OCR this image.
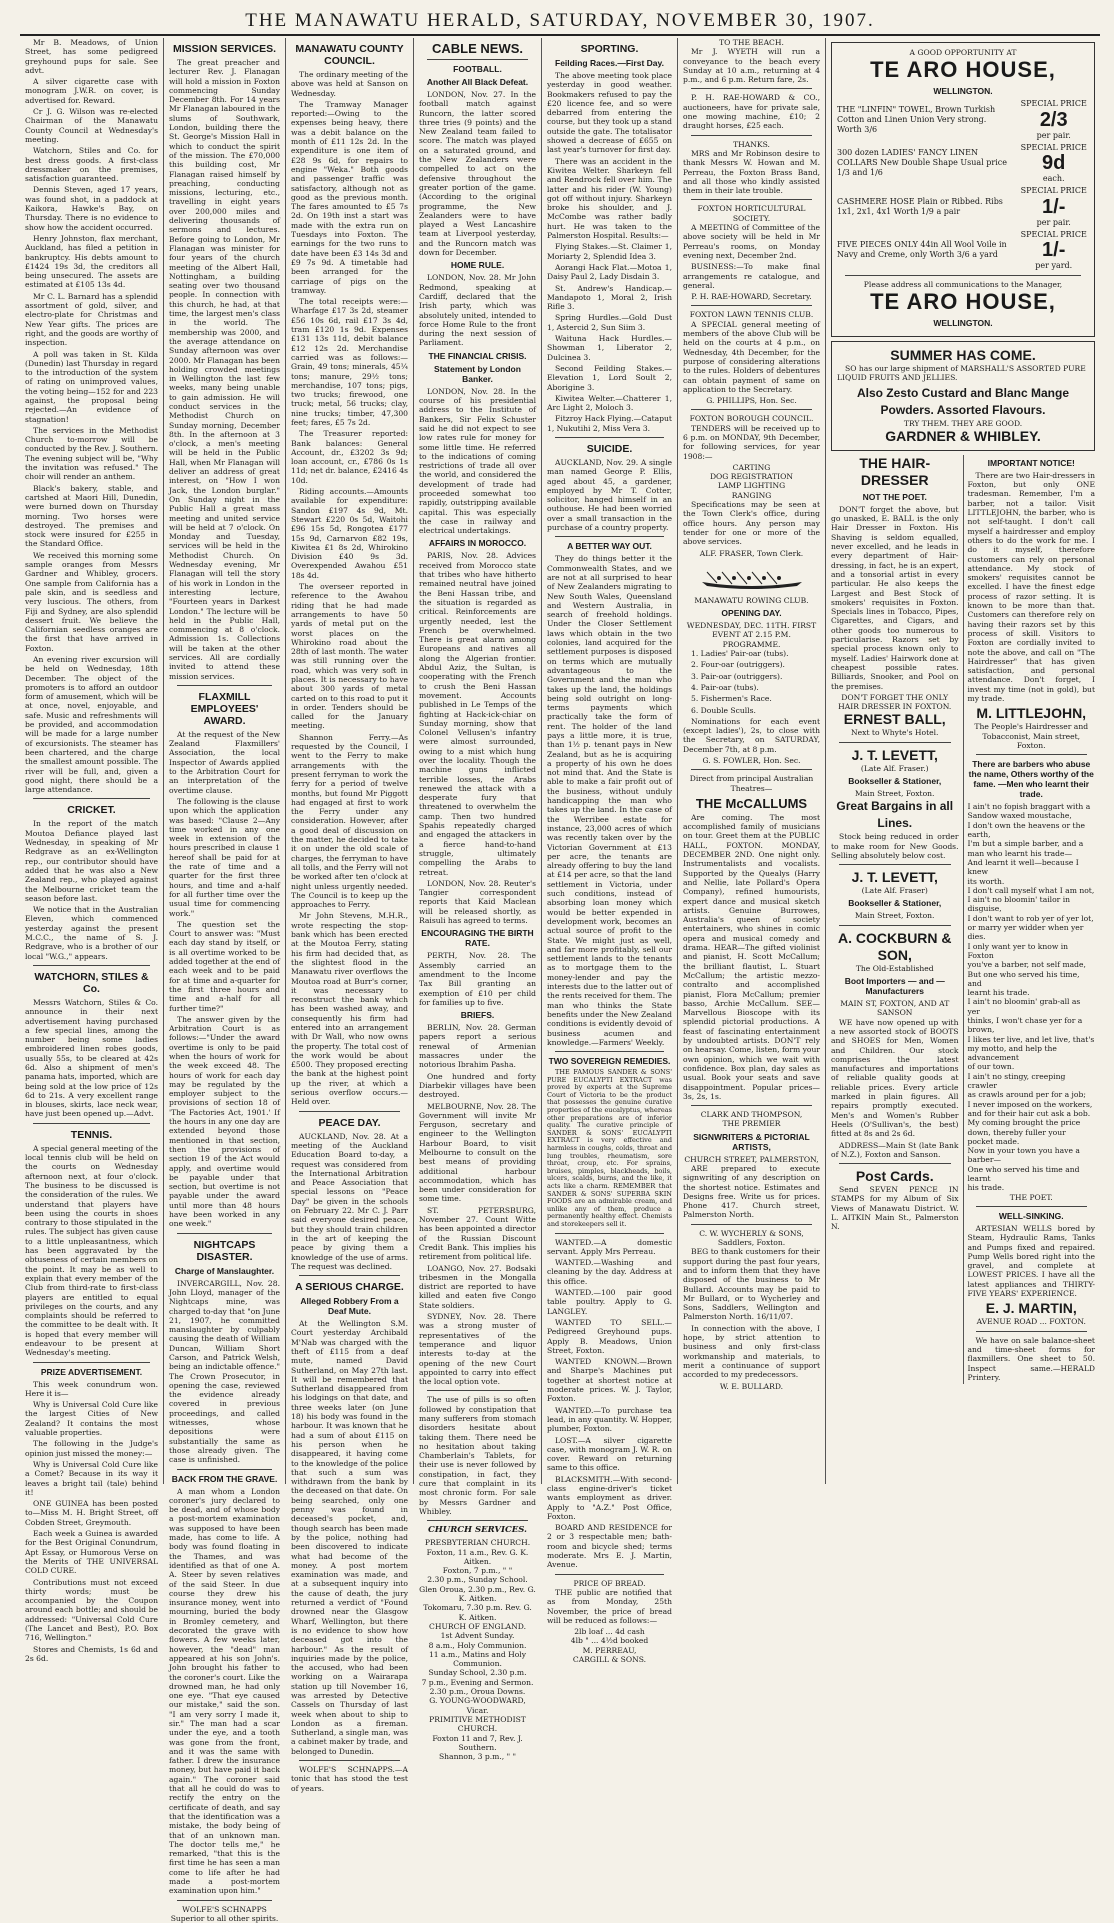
THE MANAWATU HERALD, SATURDAY, NOVEMBER 30, 1907.

Mr B. Meadows, of Union Street, has some pedigreed greyhound pups for sale. See advt.

A silver cigarette case with monogram J.W.R. on cover, is advertised for. Reward.

Cr J. G. Wilson was re-elected Chairman of the Manawatu County Council at Wednesday's meeting.

Watchorn, Stiles and Co. for best dress goods. A first-class dressmaker on the premises, satisfaction guaranteed.

Dennis Steven, aged 17 years, was found shot, in a paddock at Kaikora, Hawke's Bay, on Thursday. There is no evidence to show how the accident occurred.

Henry Johnston, flax merchant, Auckland, has filed a petition in bankruptcy. His debts amount to £1424 19s 3d, the creditors all being unsecured. The assets are estimated at £105 13s 4d.

Mr C. L. Barnard has a splendid assortment of gold, silver, and electro-plate for Christmas and New Year gifts. The prices are right, and the goods are worthy of inspection.

A poll was taken in St. Kilda (Dunedin) last Thursday in regard to the introduction of the system of rating on unimproved values, the voting being—152 for and 223 against, the proposal being rejected.—An evidence of stagnation!

The services in the Methodist Church to-morrow will be conducted by the Rev. J. Southern. The evening subject will be, "Why the invitation was refused." The choir will render an anthem.

Black's bakery, stable, and cartshed at Maori Hill, Dunedin, were burned down on Thursday morning. Two horses were destroyed. The premises and stock were insured for £255 in the Standard Office.

We received this morning some sample oranges from Messrs Gardner and Whibley, grocers. One sample from California has a pale skin, and is seedless and very luscious. The others, from Fiji and Sydney, are also splendid dessert fruit. We believe the Californian seedless oranges are the first that have arrived in Foxton.

An evening river excursion will be held on Wednesday, 18th December. The object of the promoters is to afford an outdoor form of amusement, which will be at once, novel, enjoyable, and safe. Music and refreshments will be provided, and accommodation will be made for a large number of excursionists. The steamer has been chartered, and the charge the smallest amount possible. The river will be full, and, given a good night, there should be a large attendance.

CRICKET.

In the report of the match Moutoa Defiance played last Wednesday, in speaking of Mr Redgrave as an ex-Wellington rep., our contributor should have added that he was also a New Zealand rep., who played against the Melbourne cricket team the season before last.

We notice that in the Australian Eleven, which commenced yesterday against the present M.C.C., the name of S. J. Redgrave, who is a brother of our local "W.G.," appears.

WATCHORN, STILES & Co.

Messrs Watchorn, Stiles & Co. announce in their next advertisement having purchased a few special lines, among the number being some ladies embroidered linen robes goods, usually 55s, to be cleared at 42s 6d. Also a shipment of men's panama hats, imported, which are being sold at the low price of 12s 6d to 21s. A very excellent range in blouses, skirts, lace neck wear, have just been opened up.—Advt.

TENNIS.

A special general meeting of the local tennis club will be held on the courts on Wednesday afternoon next, at four o'clock. The business to be discussed is the consideration of the rules. We understand that players have been using the courts in shoes contrary to those stipulated in the rules. The subject has given cause to a little unpleasantness, which has been aggravated by the obtuseness of certain members on the point. It may be as well to explain that every member of the Club from third-rate to first-class players are entitled to equal privileges on the courts, and any complaints should be referred to the committee to be dealt with. It is hoped that every member will endeavour to be present at Wednesday's meeting.

PRIZE ADVERTISEMENT.

This week conundrum won. Here it is—

Why is Universal Cold Cure like the largest Cities of New Zealand? It contains the most valuable properties.

The following in the Judge's opinion just missed the money:—

Why is Universal Cold Cure like a Comet? Because in its way it leaves a bright tail (tale) behind it!

ONE GUINEA has been posted to—Miss M. H. Bright Street, off Cobden Street, Greymouth.

Each week a Guinea is awarded for the Best Original Conundrum, Apt Essay, or Humorous Verse on the Merits of THE UNIVERSAL COLD CURE.

Contributions must not exceed thirty words; must be accompanied by the Coupon around each bottle; and should be addressed: "Universal Cold Cure (The Lancet and Best), P.O. Box 716, Wellington."

Stores and Chemists, 1s 6d and 2s 6d.

MISSION SERVICES.

The great preacher and lecturer Rev. J. Flanagan will hold a mission in Foxton commencing Sunday December 8th. For 14 years Mr Flanagan laboured in the slums of Southwark, London, building there the St. George's Mission Hall in which to conduct the spirit of the mission. The £70,000 this building cost, Mr Flanagan raised himself by preaching, conducting missions, lecturing, etc., travelling in eight years over 200,000 miles and delivering thousands of sermons and lectures. Before going to London, Mr Flanagan was minister for four years of the church meeting of the Albert Hall, Nottingham, a building seating over two thousand people. In connection with this church, he had, at that time, the largest men's class in the world. The membership was 2000, and the average attendance on Sunday afternoon was over 2000. Mr Flanagan has been holding crowded meetings in Wellington the last few weeks, many being unable to gain admission. He will conduct services in the Methodist Church on Sunday morning, December 8th. In the afternoon at 3 o'clock, a men's meeting will be held in the Public Hall, when Mr Flanagan will deliver an address of great interest, on "How I won Jack, the London burglar." On Sunday night in the Public Hall a great mass meeting and united service will be held at 7 o'clock. On Monday and Tuesday, services will be held in the Methodist Church. On Wednesday evening, Mr Flanagan will tell the story of his work in London in the interesting lecture, "Fourteen years in Darkest London." The lecture will be held in the Public Hall, commencing at 8 o'clock. Admission 1s. Collections will be taken at the other services. All are cordially invited to attend these mission services.

FLAXMILL EMPLOYEES' AWARD.

At the request of the New Zealand Flaxmillers' Association, the local Inspector of Awards applied to the Arbitration Court for an interpretation of the overtime clause.

The following is the clause upon which the application was based: "Clause 2—Any time worked in any one week in extension of the hours prescribed in clause 1 hereof shall be paid for at the rate of time and a quarter for the first three hours, and time and a-half for all further time over the usual time for commencing work."

The question set the Court to answer was: "Must each day stand by itself, or is all overtime worked to be added together at the end of each week and to be paid for at time and a-quarter for the first three hours and time and a-half for all further time?"

The answer given by the Arbitration Court is as follows:—"Under the award overtime is only to be paid when the hours of work for the week exceed 48. The hours of work for each day may be regulated by the employer subject to the provisions of section 18 of 'The Factories Act, 1901.' If the hours in any one day are extended beyond those mentioned in that section, then the provisions of section 19 of the Act would apply, and overtime would be payable under that section, but overtime is not payable under the award until more than 48 hours have been worked in any one week."

NIGHTCAPS DISASTER.
Charge of Manslaughter.

INVERCARGILL, Nov. 28. John Lloyd, manager of the Nightcaps mine, was charged to-day that "on June 21, 1907, he committed manslaughter by culpably causing the death of William Duncan, William Short Carson, and Patrick Welsh, being an indictable offence." The Crown Prosecutor, in opening the case, reviewed the evidence already covered in previous proceedings, and called witnesses, whose depositions were substantially the same as those already given. The case is unfinished.

BACK FROM THE GRAVE.

A man whom a London coroner's jury declared to be dead, and of whose body a post-mortem examination was supposed to have been made, has come to life. A body was found floating in the Thames, and was identified as that of one A. A. Steer by seven relatives of the said Steer. In due course they drew his insurance money, went into mourning, buried the body in Bromley cemetery, and decorated the grave with flowers. A few weeks later, however, the "dead" man appeared at his son John's. John brought his father to the coroner's court. Like the drowned man, he had only one eye. "That eye caused our mistake," said the son. "I am very sorry I made it, sir." The man had a scar under the eye, and a tooth was gone from the front, and it was the same with father. I drew the insurance money, but have paid it back again." The coroner said that all he could do was to rectify the entry on the certificate of death, and say that the identification was a mistake, the body being of that of an unknown man. The doctor tells me," he remarked, "that this is the first time he has seen a man come to life after he had made a post-mortem examination upon him."

WOLFE'S SCHNAPPS
Superior to all other spirits.
MANAWATU COUNTY COUNCIL.

The ordinary meeting of the above was held at Sanson on Wednesday.

The Tramway Manager reported:—Owing to the expenses being heavy, there was a debit balance on the month of £11 12s 2d. In the expenditure is one item of £28 9s 6d, for repairs to engine "Weka." Both goods and passenger traffic was satisfactory, although not as good as the previous month. The fares amounted to £5 7s 2d. On 19th inst a start was made with the extra run on Tuesdays into Foxton. The earnings for the two runs to date have been £3 14s 3d and £9 7s 9d. A timetable had been arranged for the carriage of pigs on the tramway.

The total receipts were:—Wharfage £17 3s 2d, steamer £56 10s 6d, rail £17 3s 4d, tram £120 1s 9d. Expenses £131 13s 11d, debit balance £12 12s 2d. Merchandise carried was as follows:—Grain, 49 tons; minerals, 45¼ tons; manure, 29½ tons; merchandise, 107 tons; pigs, two trucks; firewood, one truck; metal, 56 trucks; clay, nine trucks; timber, 47,300 feet; fares, £5 7s 2d.

The Treasurer reported: Bank balances: General Account, dr., £3202 3s 9d; loan account, cr., £786 0s 1s 11d; net dr. balance, £2416 4s 10d.

Riding accounts.—Amounts available for expenditure: Sandon £197 4s 9d, Mt. Stewart £220 0s 5d, Waitohi £96 15s 5d, Rongotea £177 15s 9d, Carnarvon £82 19s, Kiwitea £1 8s 2d, Whirokino Division £40 9s 3d. Overexpended Awahou £51 18s 4d.

The overseer reported in reference to the Awahou riding that he had made arrangements to have 50 yards of metal put on the worst places on the Whirokino road about the 28th of last month. The water was still running over the road, which was very soft in places. It is necessary to have about 300 yards of metal carted on to this road to put it in order. Tenders should be called for the January meeting.

Shannon Ferry.—As requested by the Council, I went to the Ferry to make arrangements with the present ferryman to work the ferry for a period of twelve months, but found Mr Piggott had engaged at first to work the Ferry under any consideration. However, after a good deal of discussion on the matter, he decided to take it on under the old scale of charges, the ferryman to have all tolls, and the Ferry will not be worked after ten o'clock at night unless urgently needed. The Council is to keep up the approaches to Ferry.

Mr John Stevens, M.H.R., wrote respecting the stop-bank which has been erected at the Moutoa Ferry, stating his firm had decided that, as the slightest flood in the Manawatu river overflows the Moutoa road at Burr's corner, it was necessary to reconstruct the bank which has been washed away, and consequently his firm had entered into an arrangement with Dr Wall, who now owns the property. The total cost of the work would be about £500. They proposed erecting the bank at the highest point up the river, at which a serious overflow occurs.—Held over.

PEACE DAY.

AUCKLAND, Nov. 28. At a meeting of the Auckland Education Board to-day, a request was considered from the International Arbitration and Peace Association that special lessons on "Peace Day" be given in the schools on February 22. Mr C. J. Parr said everyone desired peace, but they should train children in the art of keeping the peace by giving them a knowledge of the use of arms. The request was declined.

A SERIOUS CHARGE.
Alleged Robbery From a Deaf Mute.

At the Wellington S.M. Court yesterday Archibald M'Nab was charged with the theft of £115 from a deaf mute, named David Sutherland, on May 27th last. It will be remembered that Sutherland disappeared from his lodgings on that date, and three weeks later (on June 18) his body was found in the harbour. It was known that he had a sum of about £115 on his person when he disappeared, it having come to the knowledge of the police that such a sum was withdrawn from the bank by the deceased on that date. On being searched, only one penny was found in deceased's pocket, and, though search has been made by the police, nothing had been discovered to indicate what had become of the money. A post mortem examination was made, and at a subsequent inquiry into the cause of death, the jury returned a verdict of "Found drowned near the Glasgow Wharf, Wellington, but there is no evidence to show how deceased got into the harbour." As the result of inquiries made by the police, the accused, who had been working on a Wairarapa station up till November 16, was arrested by Detective Cassels on Thursday of last week when about to ship to London as a fireman. Sutherland, a single man, was a cabinet maker by trade, and belonged to Dunedin.

WOLFE'S SCHNAPPS.—A tonic that has stood the test of years.

CABLE NEWS.
FOOTBALL.
Another All Black Defeat.

LONDON, Nov. 27. In the football match against Runcorn, the latter scored three tries (9 points) and the New Zealand team failed to score. The match was played on a saturated ground, and the New Zealanders were compelled to act on the defensive throughout the greater portion of the game. (According to the original programme, the New Zealanders were to have played a West Lancashire team at Liverpool yesterday, and the Runcorn match was down for December.

HOME RULE.

LONDON, Nov. 28. Mr John Redmond, speaking at Cardiff, declared that the Irish party, which was absolutely united, intended to force Home Rule to the front during the next session of Parliament.

THE FINANCIAL CRISIS.
Statement by London Banker.

LONDON, Nov. 28. In the course of his presidential address to the Institute of Bankers, Sir Felix Schuster said he did not expect to see low rates rule for money for some little time. He referred to the indications of coming restrictions of trade all over the world, and considered the development of trade had proceeded somewhat too rapidly, outstripping available capital. This was especially the case in railway and electrical undertakings.

AFFAIRS IN MOROCCO.

PARIS, Nov. 28. Advices received from Morocco state that tribes who have hitherto remained neutral have joined the Beni Hassan tribe, and the situation is regarded as critical. Reinforcements are urgently needed, lest the French be overwhelmed. There is great alarm among Europeans and natives all along the Algerian frontier. Abdul Aziz, the Sultan, is cooperating with the French to crush the Beni Hassan movement. Accounts published in Le Temps of the fighting at Hack-ick-chiar on Sunday morning, show that Colonel Vellusen's infantry were almost surrounded, owing to a mist which hung over the locality. Though the machine guns inflicted terrible losses, the Arabs renewed the attack with a desperate fury that threatened to overwhelm the camp. Then two hundred Spahis repeatedly charged and engaged the attackers in a fierce hand-to-hand struggle, ultimately compelling the Arabs to retreat.

LONDON, Nov. 28. Reuter's Tangier correspondent reports that Kaid Maclean will be released shortly, as Raisuli has agreed to terms.

ENCOURAGING THE BIRTH RATE.

PERTH, Nov. 28. The Assembly carried an amendment to the Income Tax Bill granting an exemption of £10 per child for families up to five.

BRIEFS.

BERLIN, Nov. 28. German papers report a serious renewal of Armenian massacres under the notorious Ibrahim Pasha.

One hundred and forty Diarbekir villages have been destroyed.

MELBOURNE, Nov. 28. The Government will invite Mr Ferguson, secretary and engineer to the Wellington Harbour Board, to visit Melbourne to consult on the best means of providing additional harbour accommodation, which has been under consideration for some time.

ST. PETERSBURG, November 27. Count Witte has been appointed a director of the Russian Discount Credit Bank. This implies his retirement from political life.

LOANGO, Nov. 27. Bodsaki tribesmen in the Mongalla district are reported to have killed and eaten five Congo State soldiers.

SYDNEY, Nov. 28. There was a strong muster of representatives of the temperance and liquor interests to-day at the opening of the new Court appointed to carry into effect the local option vote.

The use of pills is so often followed by constipation that many sufferers from stomach disorders hesitate about taking them. There need be no hesitation about taking Chamberlain's Tablets, for their use is never followed by constipation, in fact, they cure that complaint in its most chronic form. For sale by Messrs Gardner and Whibley.

CHURCH SERVICES.
PRESBYTERIAN CHURCH.
Foxton, 11 a.m., Rev. G. K. Aitken.
Foxton, 7 p.m., " "
2.30 p.m., Sunday School.
Glen Oroua, 2.30 p.m., Rev. G. K. Aitken.
Tokomaru, 7.30 p.m. Rev. G. K. Aitken.
CHURCH OF ENGLAND.
1st Advent Sunday.
8 a.m., Holy Communion.
11 a.m., Matins and Holy Communion.
Sunday School, 2.30 p.m.
7 p.m., Evening and Sermon.
2.30 p.m., Oroua Downs.
G. YOUNG-WOODWARD, Vicar.
PRIMITIVE METHODIST CHURCH.
Foxton 11 and 7, Rev. J. Southern.
Shannon, 3 p.m., " "
SPORTING.
Feilding Races.—First Day.

The above meeting took place yesterday in good weather. Bookmakers refused to pay the £20 licence fee, and so were debarred from entering the course, but they took up a stand outside the gate. The totalisator showed a decrease of £655 on last year's turnover for first day.

There was an accident in the Kiwitea Welter. Sharkeyn fell and Rendrock fell over him. The latter and his rider (W. Young) got off without injury. Sharkeyn broke his shoulder, and J. McCombe was rather badly hurt. He was taken to the Palmerston Hospital. Results:—

Flying Stakes.—St. Claimer 1, Moriarty 2, Splendid Idea 3.

Aorangi Hack Flat.—Motoa 1, Daisy Paul 2, Lady Disdain 3.

St. Andrew's Handicap.—Mandapoto 1, Moral 2, Irish Rifle 3.

Spring Hurdles.—Gold Dust 1, Astercid 2, Sun Siim 3.

Waituna Hack Hurdles.—Showman 1, Liberator 2, Dulcinea 3.

Second Feilding Stakes.—Elevation 1, Lord Soult 2, Aborigine 3.

Kiwitea Welter.—Chatterer 1, Arc Light 2, Moloch 3.

Fitzroy Hack Flying.—Cataput 1, Nukutihi 2, Miss Vera 3.

SUICIDE.

AUCKLAND, Nov. 29. A single man named George P. Ellis, aged about 45, a gardener, employed by Mr T. Cotter, solicitor, hanged himself in an outhouse. He had been worried over a small transaction in the purchase of a country property.

A BETTER WAY OUT.

They do things better it the Commonwealth States, and we are not at all surprised to hear of New Zealanders migrating to New South Wales, Queensland and Western Australia, in search of freehold holdings. Under the Closer Settlement laws which obtain in the two colonies, land acquired for the settlement purposes is disposed on terms which are mutually advantageous to the Government and the man who takes up the land, the holdings being sold outright on long-terms payments which practically take the form of rent. The holder of the land pays a little more, it is true, than 1½ p. tenant pays in New Zealand, but as he is acquiring a property of his own he does not mind that. And the State is able to make a fair profit out of the business, without unduly handicapping the man who takes up the land. In the case of the Werribee estate for instance, 23,000 acres of which was recently taken over by the Victorian Government at £13 per acre, the tenants are already offering to buy the land at £14 per acre, so that the land settlement in Victoria, under such conditions, instead of absorbing loan money which would be better expended in development work, becomes an actual source of profit to the State. We might just as well, and far more profitably, sell our settlement lands to the tenants as to mortgage them to the money-lender and pay the interests due to the latter out of the rents received for them. The man who thinks the State benefits under the New Zealand conditions is evidently devoid of business acumen and knowledge.—Farmers' Weekly.

TWO SOVEREIGN REMEDIES.

THE FAMOUS SANDER & SONS' PURE EUCALYPTI EXTRACT was proved by experts at the Supreme Court of Victoria to be the product that possesses the genuine curative properties of the eucalyptus, whereas other preparations are of inferior quality. The curative principle of SANDER & SONS' EUCALYPTI EXTRACT is very effective and harmless in coughs, colds, throat and lung troubles, rheumatism, sore throat, croup, etc. For sprains, bruises, pimples, blackheads, boils, ulcers, scalds, burns, and the like, it acts like a charm. REMEMBER that SANDER & SONS' SUPERBA SKIN FOODS are an admirable cream, and unlike any of them, produce a permanently healthy effect. Chemists and storekeepers sell it.

WANTED.—A domestic servant. Apply Mrs Perreau.

WANTED.—Washing and cleaning by the day. Address at this office.

WANTED.—100 pair good table poultry. Apply to G. LANGLEY.

WANTED TO SELL.—Pedigreed Greyhound pups. Apply B. Meadows, Union Street, Foxton.

WANTED KNOWN.—Brown and Sharpe's Machines put together at shortest notice at moderate prices. W. J. Taylor, Foxton.

WANTED.—To purchase tea lead, in any quantity. W. Hopper, plumber, Foxton.

LOST.—A silver cigarette case, with monogram J. W. R. on cover. Reward on returning same to this office.

BLACKSMITH.—With second-class engine-driver's ticket wants employment as driver. Apply to "A.Z." Post Office, Foxton.

BOARD AND RESIDENCE for 2 or 3 respectable men; bath-room and bicycle shed; terms moderate. Mrs E. J. Martin, Avenue.

PRICE OF BREAD.

THE public are notified that as from Monday, 25th November, the price of bread will be reduced as follows:—

2lb loaf ... 4d cash
4lb " ... 4½d booked
M. PERREAU,
CARGILL & SONS.
TO THE BEACH.

Mr J. WYETH will run a conveyance to the beach every Sunday at 10 a.m., returning at 4 p.m., and 6 p.m. Return fare, 2s.

P. H. RAE-HOWARD & CO., auctioneers, have for private sale, one mowing machine, £10; 2 draught horses, £25 each.

THANKS.

MRS and Mr Robinson desire to thank Messrs W. Howan and M. Perreau, the Foxton Brass Band, and all those who kindly assisted them in their late trouble.

FOXTON HORTICULTURAL SOCIETY.

A MEETING of Committee of the above society will be held in Mr Perreau's rooms, on Monday evening next, December 2nd.

BUSINESS:—To make final arrangements re catalogue, and general.

P. H. RAE-HOWARD, Secretary.
FOXTON LAWN TENNIS CLUB.

A SPECIAL general meeting of members of the above Club will be held on the courts at 4 p.m., on Wednesday, 4th December, for the purpose of considering alterations to the rules. Holders of debentures can obtain payment of same on application to the Secretary.

G. PHILLIPS, Hon. Sec.
FOXTON BOROUGH COUNCIL.

TENDERS will be received up to 6 p.m. on MONDAY, 9th December, for following services, for year 1908:—

CARTING
DOG REGISTRATION
LAMP LIGHTING
RANGING

Specifications may be seen at the Town Clerk's office, during office hours. Any person may tender for one or more of the above services.

ALF. FRASER, Town Clerk.
MANAWATU ROWING CLUB.
OPENING DAY.
WEDNESDAY, DEC. 11TH. FIRST EVENT AT 2.15 P.M.
PROGRAMME.

1. Ladies' Pair-oar (tubs).

2. Four-oar (outriggers).

3. Pair-oar (outriggers).

4. Pair-oar (tubs).

5. Fishermen's Race.

6. Double Sculls.

Nominations for each event (except ladies'), 2s, to close with the Secretary, on SATURDAY, December 7th, at 8 p.m.

G. S. FOWLER, Hon. Sec.
Direct from principal Australian Theatres—
THE McCALLUMS

Are coming. The most accomplished family of musicians on tour. Greet them at the PUBLIC HALL, FOXTON. MONDAY, DECEMBER 2ND. One night only. Instrumentalists and vocalists. Supported by the Quealys (Harry and Nellie, late Pollard's Opera Company), refined humourists, expert dance and musical sketch artists. Genuine Burrowes, Australia's queen of society entertainers, who shines in comic opera and musical comedy and drama. HEAR—The gifted violinist and pianist, H. Scott McCallum; the brilliant flautist, L. Stuart McCallum; the artistic mezzo-contralto and accomplished pianist, Flora McCallum; premier basso, Archie McCallum. SEE—Marvellous Bioscope with its splendid pictorial productions. A feast of fascinating entertainment by undoubted artists. DON'T rely on hearsay. Come, listen, form your own opinion, which we wait with confidence. Box plan, day sales as usual. Book your seats and save disappointment. Popular prices—3s, 2s, 1s.

CLARK AND THOMPSON,
THE PREMIER
SIGNWRITERS & PICTORIAL ARTISTS,
CHURCH STREET, PALMERSTON,

ARE prepared to execute signwriting of any description on the shortest notice. Estimates and Designs free. Write us for prices. Phone 417. Church street, Palmerston North.

C. W. WYCHERLY & SONS, Saddlers, Foxton.

BEG to thank customers for their support during the past four years, and to inform them that they have disposed of the business to Mr Bullard. Accounts may be paid to Mr Bullard, or to Wycherley and Sons, Saddlers, Wellington and Palmerston North. 16/11/07.

In connection with the above, I hope, by strict attention to business and only first-class workmanship and materials, to merit a continuance of support accorded to my predecessors.

W. E. BULLARD.
A GOOD OPPORTUNITY AT
TE ARO HOUSE,
WELLINGTON.
THE "LINFIN" TOWEL, Brown Turkish Cotton and Linen Union Very strong. Worth 3/6
SPECIAL PRICE
2/3
per pair.
300 dozen LADIES' FANCY LINEN COLLARS New Double Shape Usual price 1/3 and 1/6
SPECIAL PRICE
9d
each.
CASHMERE HOSE Plain or Ribbed. Ribs 1x1, 2x1, 4x1 Worth 1/9 a pair
SPECIAL PRICE
1/-
per pair.
FIVE PIECES ONLY 44in All Wool Voile in Navy and Creme, only Worth 3/6 a yard
SPECIAL PRICE
1/-
per yard.
Please address all communications to the Manager,
TE ARO HOUSE,
WELLINGTON.
SUMMER HAS COME.

SO has our large shipment of MARSHALL'S ASSORTED PURE LIQUID FRUITS AND JELLIES.

Also Zesto Custard and Blanc Mange Powders. Assorted Flavours.
TRY THEM. THEY ARE GOOD.
GARDNER & WHIBLEY.
THE HAIR-DRESSER
NOT THE POET.

DON'T forget the above, but go unasked, E. BALL is the only Hair Dresser in Foxton. His Shaving is seldom equalled, never excelled, and he leads in every department of Hair-dressing, in fact, he is an expert, and a tonsorial artist in every particular. He also keeps the Largest and Best Stock of smokers' requisites in Foxton. Specials lines in Tobacco, Pipes, Cigarettes, and Cigars, and other goods too numerous to particularise. Razors set by special process known only to myself. Ladies' Hairwork done at cheapest possible rates. Billiards, Snooker, and Pool on the premises.

DON'T FORGET THE ONLY HAIR DRESSER IN FOXTON.
ERNEST BALL,
Next to Whyte's Hotel.
J. T. LEVETT,
(Late Alf. Fraser.)
Bookseller & Stationer,
Main Street, Foxton.
Great Bargains in all Lines.

Stock being reduced in order to make room for New Goods. Selling absolutely below cost.

J. T. LEVETT,
(Late Alf. Fraser)
Bookseller & Stationer,
Main Street, Foxton.
A. COCKBURN & SON,
The Old-Established
Boot Importers — and — Manufacturers
MAIN ST, FOXTON, AND AT SANSON

WE have now opened up with a new assorted stock of BOOTS and SHOES for Men, Women and Children. Our stock comprises the latest manufactures and importations of reliable quality goods at reliable prices. Every article marked in plain figures. All repairs promptly executed. Men's and Women's Rubber Heels (O'Sullivan's, the best) fitted at 8s and 2s 6d.

ADDRESS—Main St (late Bank of N.Z.), Foxton and Sanson.

Post Cards.

Send SEVEN PENCE IN STAMPS for my Album of Six Views of Manawatu District. W. L. AITKIN Main St., Palmerston N.

IMPORTANT NOTICE!

There are two Hair-dressers in Foxton, but only ONE tradesman. Remember, I'm a barber, not a tailor. Visit LITTLEJOHN, the barber, who is not self-taught. I don't call myself a hairdresser and employ others to do the work for me. I do it myself, therefore customers can rely on personal attendance. My stock of smokers' requisites cannot be excelled. I have the finest edge process of razor setting. It is known to be more than that. Customers can therefore rely on having their razors set by this process of skill. Visitors to Foxton are cordially invited to note the above, and call on "The Hairdresser" that has given satisfaction, and personal attendance. Don't forget, I invest my time (not in gold), but my trade.

M. LITTLEJOHN,
The People's Hairdresser and Tobacconist, Main street, Foxton.
There are barbers who abuse the name, Others worthy of the fame. —Men who learnt their trade.
I ain't no fopish braggart with a
Sandow waxed moustache,
I don't own the heavens or the
earth,
I'm but a simple barber, and a
man who learnt his trade—
And learnt it well—because I knew
its worth.
I don't call myself what I am not,
I ain't no bloomin' tailor in
disguise,
I don't want to rob yer of yer lot,
or marry yer widder when yer
dies.
I only want yer to know in Foxton
you've a barber, not self made,
But one who served his time, and
learnt his trade.
I ain't no bloomin' grab-all as yer
thinks, I won't chase yer for a
brown,
I likes ter live, and let live, that's
my motto, and help the advancement
of our town.
I ain't no stingy, creeping crawler
as crawls around per for a job;
I never imposed on the workers,
and for their hair cut ask a bob.
My coming brought the price
down, thereby fuller your
pocket made.
Now in your town you have a
barber—
One who served his time and learnt
his trade.
THE POET.
WELL-SINKING.

ARTESIAN WELLS bored by Steam, Hydraulic Rams, Tanks and Pumps fixed and repaired. Pump Wells bored right into the gravel, and complete at LOWEST PRICES. I have all the latest appliances and THIRTY-FIVE YEARS' EXPERIENCE.

E. J. MARTIN,
AVENUE ROAD ... FOXTON.

We have on sale balance-sheet and time-sheet forms for flaxmillers. One sheet to 50. Inspect same.—HERALD Printery.
